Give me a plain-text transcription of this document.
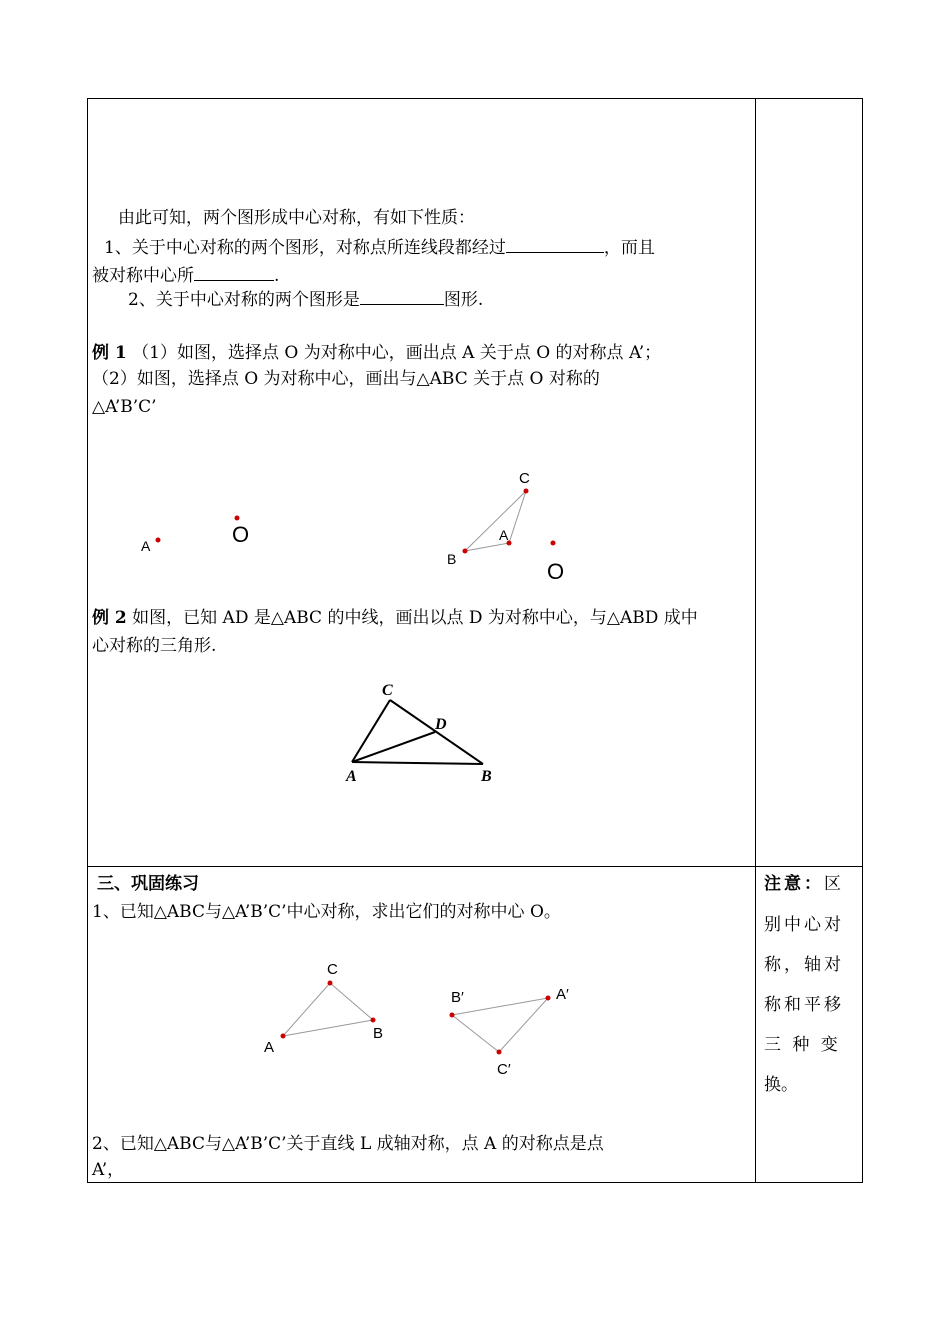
由此可知，两个图形成中心对称，有如下性质：
1、关于中心对称的两个图形，对称点所连线段都经过	，而且
被对称中心所	.
2、关于中心对称的两个图形是	图形.
例 1 （1）如图，选择点 O 为对称中心，画出点 A 关于点 O 的对称点 A’；
（2）如图，选择点 O 为对称中心，画出与△ABC 关于点 O 对称的
△A’B’C’
A	O
C
A
B	O
例 2 如图，已知 AD 是△ABC 的中线，画出以点 D 为对称中心，与△ABD 成中
心对称的三角形.
C
D
A	B
三、巩固练习
1、已知△ABC与△A’B’C’中心对称，求出它们的对称中心 O。
C
A
B
B′	A′
C′
2、已知△ABC与△A’B’C’关于直线 L 成轴对称，点 A 的对称点是点
A’，
注意：区
别中心对
称，轴对
称和平移
三 种 变
换。
